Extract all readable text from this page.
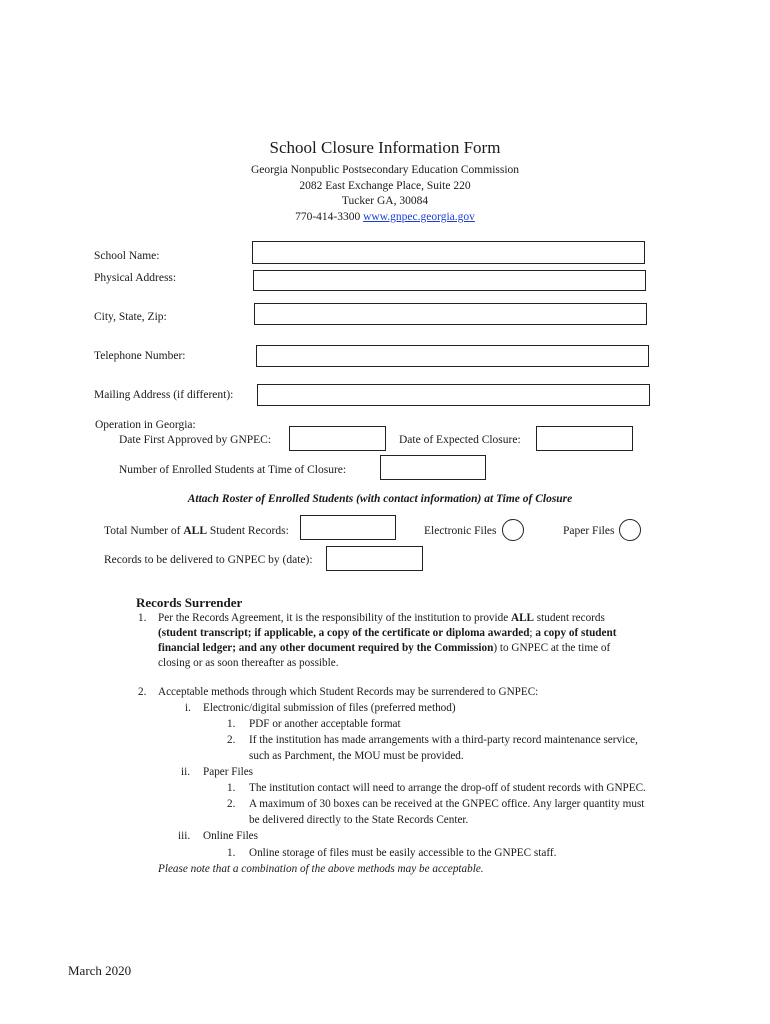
School Closure Information Form
Georgia Nonpublic Postsecondary Education Commission
2082 East Exchange Place, Suite 220
Tucker GA, 30084
770-414-3300 www.gnpec.georgia.gov
School Name:
Physical Address:
City, State, Zip:
Telephone Number:
Mailing Address (if different):
Operation in Georgia:
Date First Approved by GNPEC:	Date of Expected Closure:
Number of Enrolled Students at Time of Closure:
Attach Roster of Enrolled Students (with contact information) at Time of Closure
Total Number of ALL Student Records:	Electronic Files	Paper Files
Records to be delivered to GNPEC by (date):
Records Surrender
1. Per the Records Agreement, it is the responsibility of the institution to provide ALL student records
(student transcript; if applicable, a copy of the certificate or diploma awarded; a copy of student
financial ledger; and any other document required by the Commission) to GNPEC at the time of
closing or as soon thereafter as possible.
2. Acceptable methods through which Student Records may be surrendered to GNPEC:
i. Electronic/digital submission of files (preferred method)
1. PDF or another acceptable format
2. If the institution has made arrangements with a third-party record maintenance service,
such as Parchment, the MOU must be provided.
ii. Paper Files
1. The institution contact will need to arrange the drop-off of student records with GNPEC.
2. A maximum of 30 boxes can be received at the GNPEC office. Any larger quantity must
be delivered directly to the State Records Center.
iii. Online Files
1. Online storage of files must be easily accessible to the GNPEC staff.
Please note that a combination of the above methods may be acceptable.
March 2020
